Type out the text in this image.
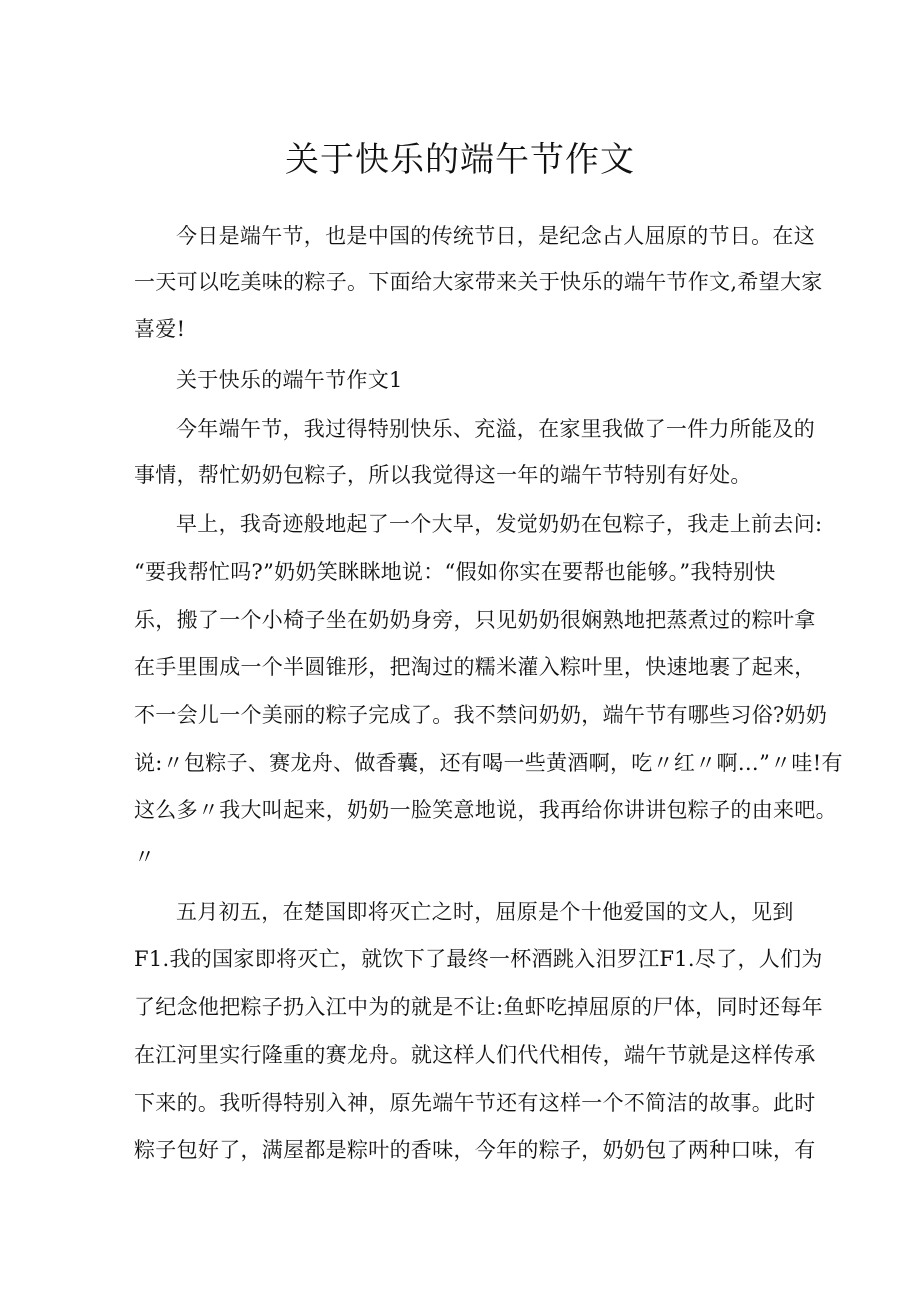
关于快乐的端午节作文

今日是端午节，也是中国的传统节日，是纪念占人屈原的节日。在这

一天可以吃美味的粽子。下面给大家带来关于快乐的端午节作文,希望大家

喜爱!

关于快乐的端午节作文1

今年端午节，我过得特别快乐、充溢，在家里我做了一件力所能及的

事情，帮忙奶奶包粽子，所以我觉得这一年的端午节特别有好处。

早上，我奇迹般地起了一个大早，发觉奶奶在包粽子，我走上前去问:

“要我帮忙吗?”奶奶笑眯眯地说：“假如你实在要帮也能够。”我特别快

乐，搬了一个小椅子坐在奶奶身旁，只见奶奶很娴熟地把蒸煮过的粽叶拿

在手里围成一个半圆锥形，把淘过的糯米灌入粽叶里，快速地裹了起来，

不一会儿一个美丽的粽子完成了。我不禁问奶奶，端午节有哪些习俗?奶奶

说:〃包粽子、赛龙舟、做香囊，还有喝一些黄酒啊，吃〃红〃啊…”〃哇!有

这么多〃我大叫起来，奶奶一脸笑意地说，我再给你讲讲包粽子的由来吧。

〃

五月初五，在楚国即将灭亡之时，屈原是个十他爱国的文人，见到

F1.我的国家即将灭亡，就饮下了最终一杯酒跳入汨罗江F1.尽了，人们为

了纪念他把粽子扔入江中为的就是不让:鱼虾吃掉屈原的尸体，同时还每年

在江河里实行隆重的赛龙舟。就这样人们代代相传，端午节就是这样传承

下来的。我听得特别入神，原先端午节还有这样一个不简洁的故事。此时

粽子包好了，满屋都是粽叶的香味，今年的粽子，奶奶包了两种口味，有
